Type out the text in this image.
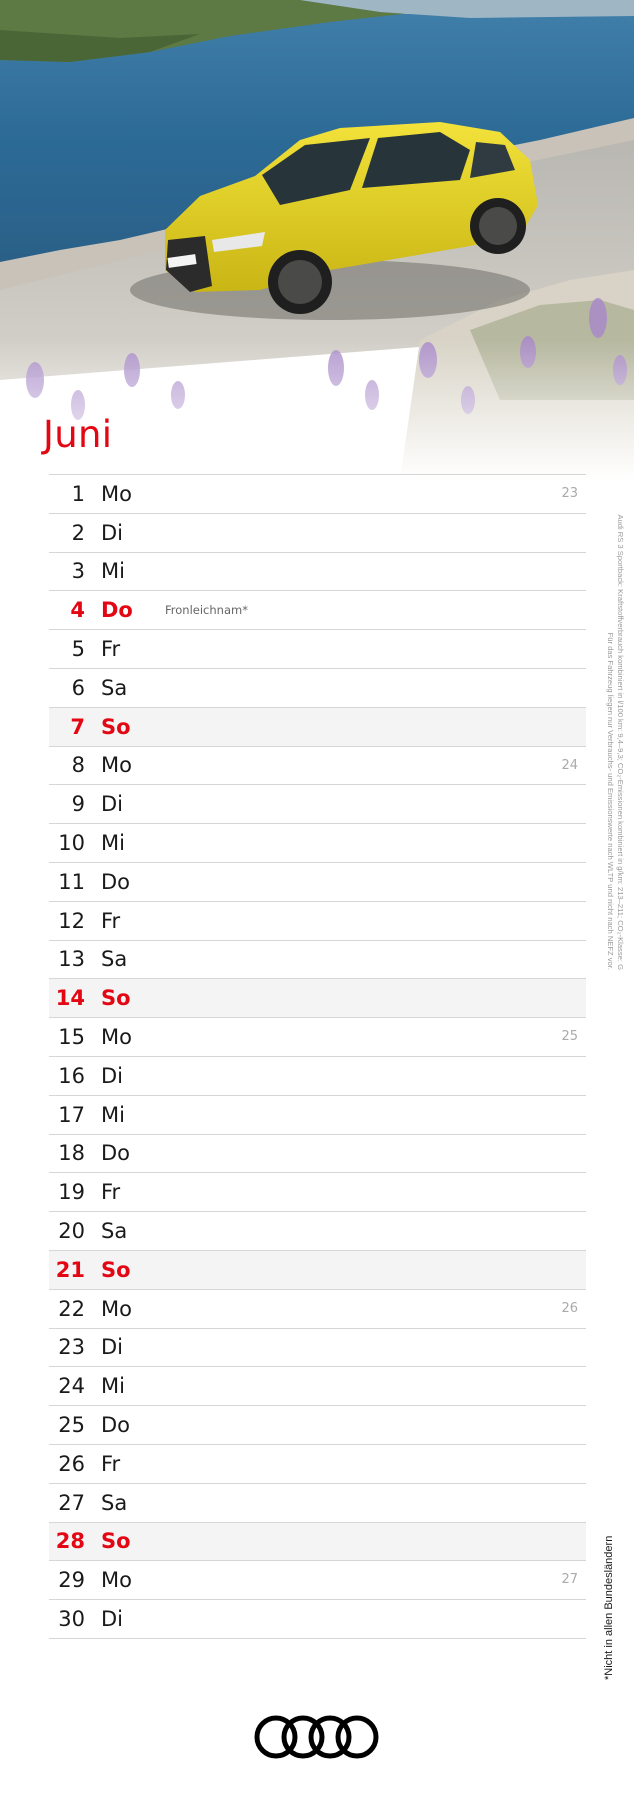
Juni
1 Mo	23
2 Di
3 Mi
4 Do	Fronleichnam*
5 Fr
6 Sa
7 So
8 Mo	24
9 Di
10 Mi
11 Do
12 Fr
13 Sa
14 So
15 Mo	25
16 Di
17 Mi
18 Do
19 Fr
20 Sa
21 So
22 Mo	26
23 Di
24 Mi
25 Do
26 Fr
27 Sa
28 So
29 Mo	27
30 Di
Audi RS 3 Sportback: Kraftstoffverbrauch kombiniert in l/100 km: 9,4–9,3; CO₂-Emissionen kombiniert in g/km: 213–211; CO₂-Klasse: G
Für das Fahrzeug liegen nur Verbrauchs- und Emissionswerte nach WLTP und nicht nach NEFZ vor.
*Nicht in allen Bundesländern
